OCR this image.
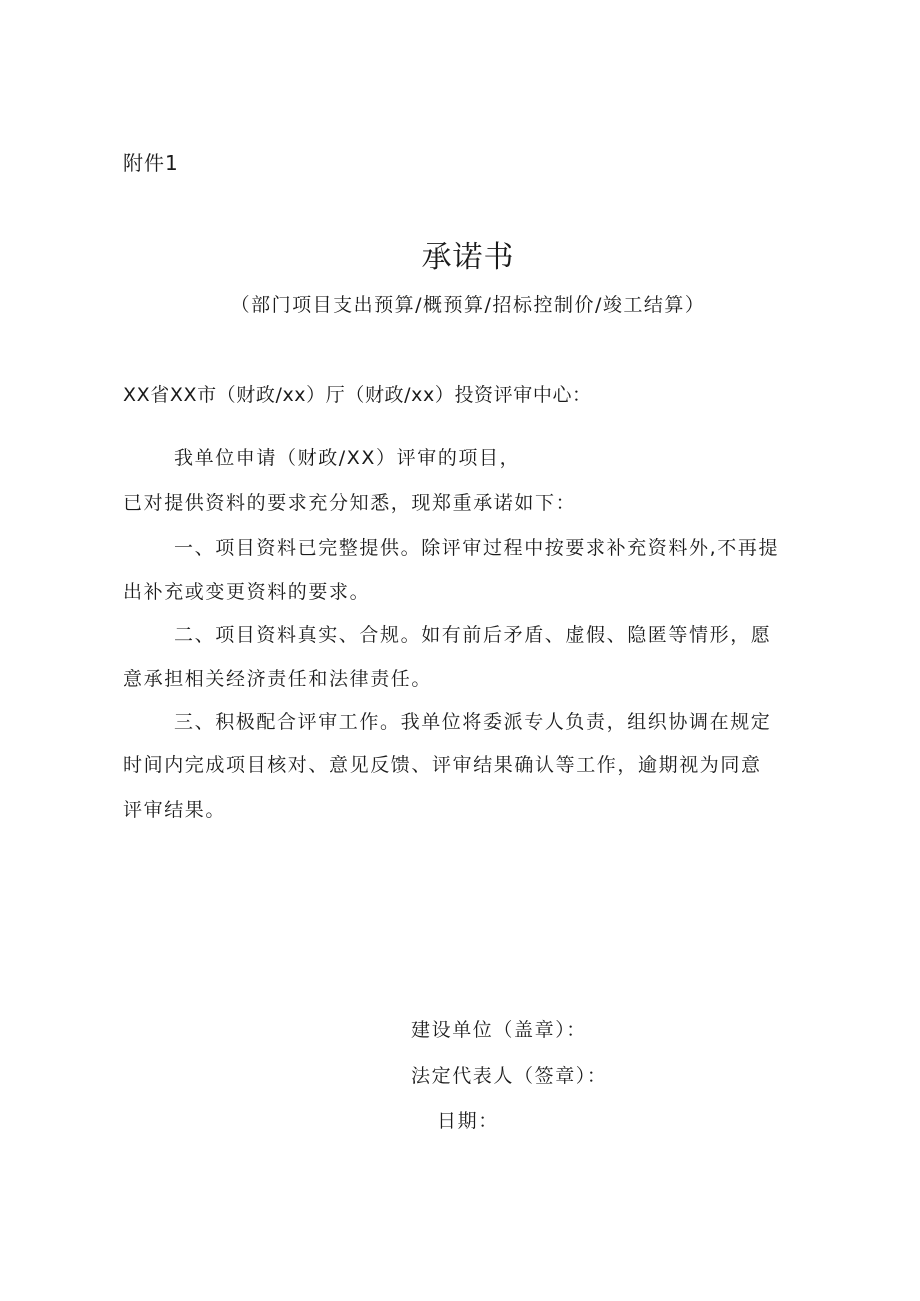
附件1
承诺书
（部门项目支出预算/概预算/招标控制价/竣工结算）
XX省XX市（财政/xx）厅（财政/xx）投资评审中心：
我单位申请（财政/XX）评审的项目，
已对提供资料的要求充分知悉，现郑重承诺如下：
一、项目资料已完整提供。除评审过程中按要求补充资料外,不再提
出补充或变更资料的要求。
二、项目资料真实、合规。如有前后矛盾、虚假、隐匿等情形，愿
意承担相关经济责任和法律责任。
三、积极配合评审工作。我单位将委派专人负责，组织协调在规定
时间内完成项目核对、意见反馈、评审结果确认等工作，逾期视为同意
评审结果。
建设单位（盖章）：
法定代表人（签章）：
日期：
